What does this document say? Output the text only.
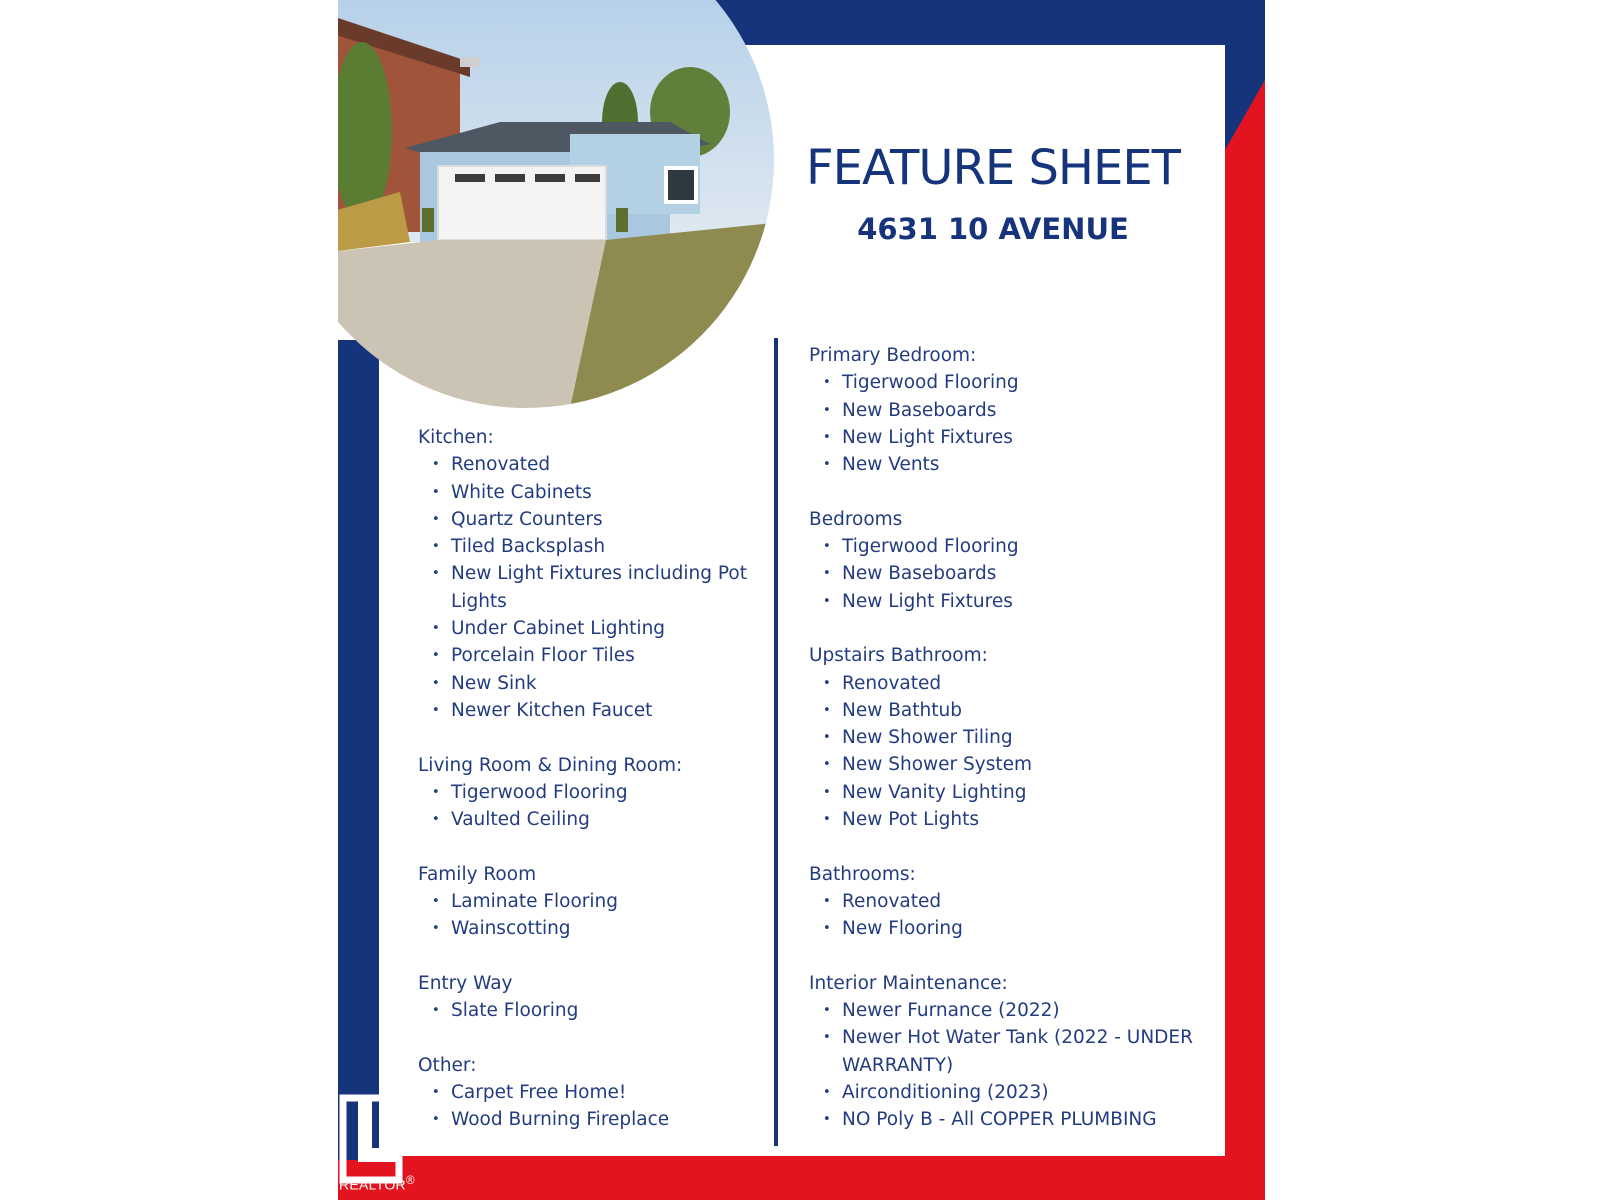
FEATURE SHEET
4631 10 AVENUE
Kitchen:
• Renovated
• White Cabinets
• Quartz Counters
• Tiled Backsplash
• New Light Fixtures including Pot Lights
• Under Cabinet Lighting
• Porcelain Floor Tiles
• New Sink
• Newer Kitchen Faucet
Living Room & Dining Room:
• Tigerwood Flooring
• Vaulted Ceiling
Family Room
• Laminate Flooring
• Wainscotting
Entry Way
• Slate Flooring
Other:
• Carpet Free Home!
• Wood Burning Fireplace
Primary Bedroom:
• Tigerwood Flooring
• New Baseboards
• New Light Fixtures
• New Vents
Bedrooms
• Tigerwood Flooring
• New Baseboards
• New Light Fixtures
Upstairs Bathroom:
• Renovated
• New Bathtub
• New Shower Tiling
• New Shower System
• New Vanity Lighting
• New Pot Lights
Bathrooms:
• Renovated
• New Flooring
Interior Maintenance:
• Newer Furnance (2022)
• Newer Hot Water Tank (2022 - UNDER WARRANTY)
• Airconditioning (2023)
• NO Poly B - All COPPER PLUMBING
REALTOR®
